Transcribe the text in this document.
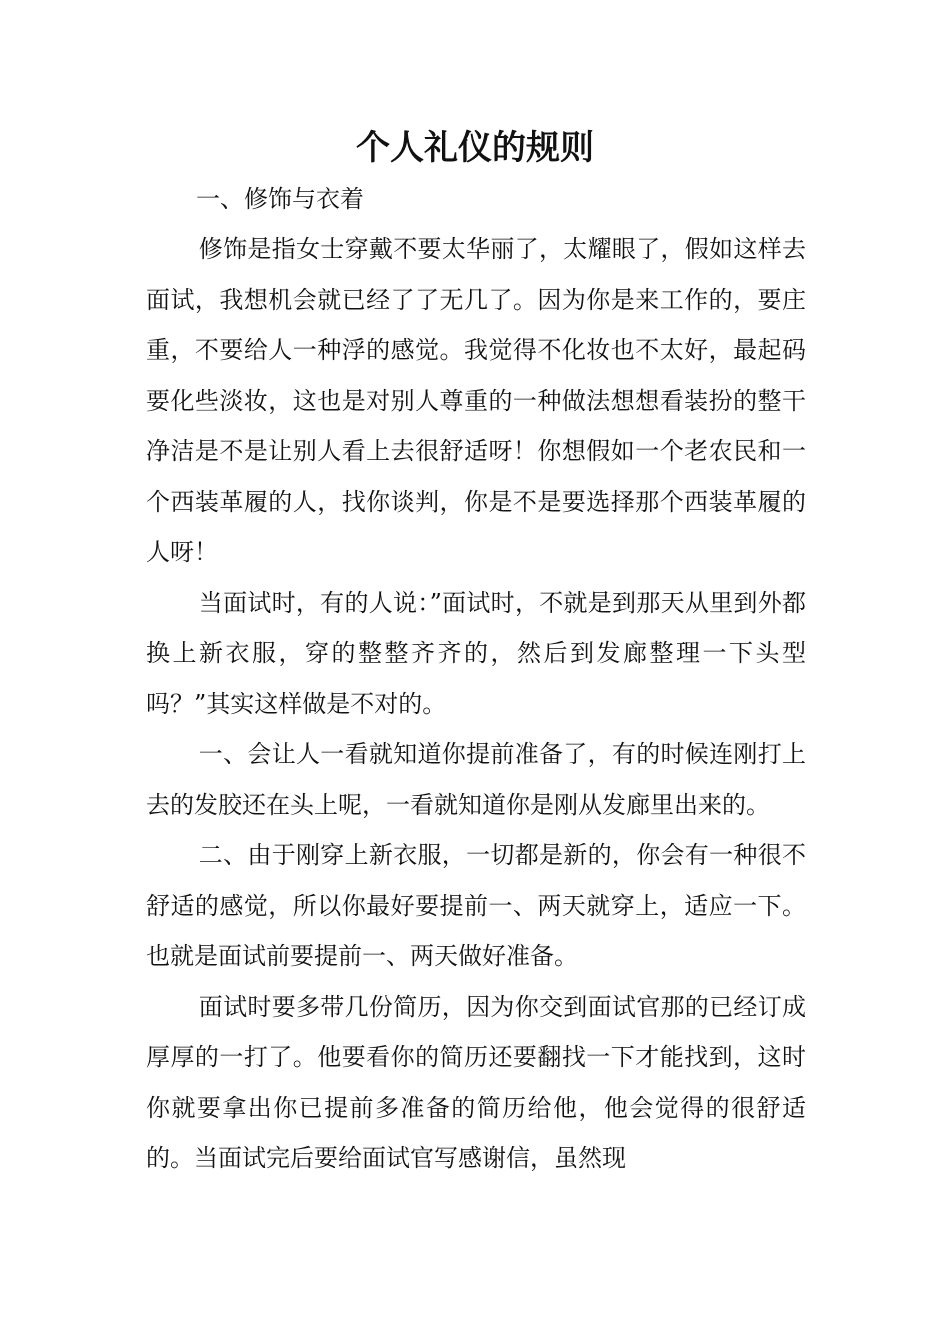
个人礼仪的规则

一、修饰与衣着

修饰是指女士穿戴不要太华丽了，太耀眼了，假如这样去面试，我想机会就已经了了无几了。因为你是来工作的，要庄重，不要给人一种浮的感觉。我觉得不化妆也不太好，最起码要化些淡妆，这也是对别人尊重的一种做法想想看装扮的整干净洁是不是让别人看上去很舒适呀！你想假如一个老农民和一个西装革履的人，找你谈判，你是不是要选择那个西装革履的人呀！

当面试时，有的人说：”面试时，不就是到那天从里到外都换上新衣服，穿的整整齐齐的，然后到发廊整理一下头型吗？”其实这样做是不对的。

一、会让人一看就知道你提前准备了，有的时候连刚打上去的发胶还在头上呢，一看就知道你是刚从发廊里出来的。

二、由于刚穿上新衣服，一切都是新的，你会有一种很不舒适的感觉，所以你最好要提前一、两天就穿上，适应一下。也就是面试前要提前一、两天做好准备。

面试时要多带几份简历，因为你交到面试官那的已经订成厚厚的一打了。他要看你的简历还要翻找一下才能找到，这时你就要拿出你已提前多准备的简历给他，他会觉得的很舒适的。当面试完后要给面试官写感谢信，虽然现
